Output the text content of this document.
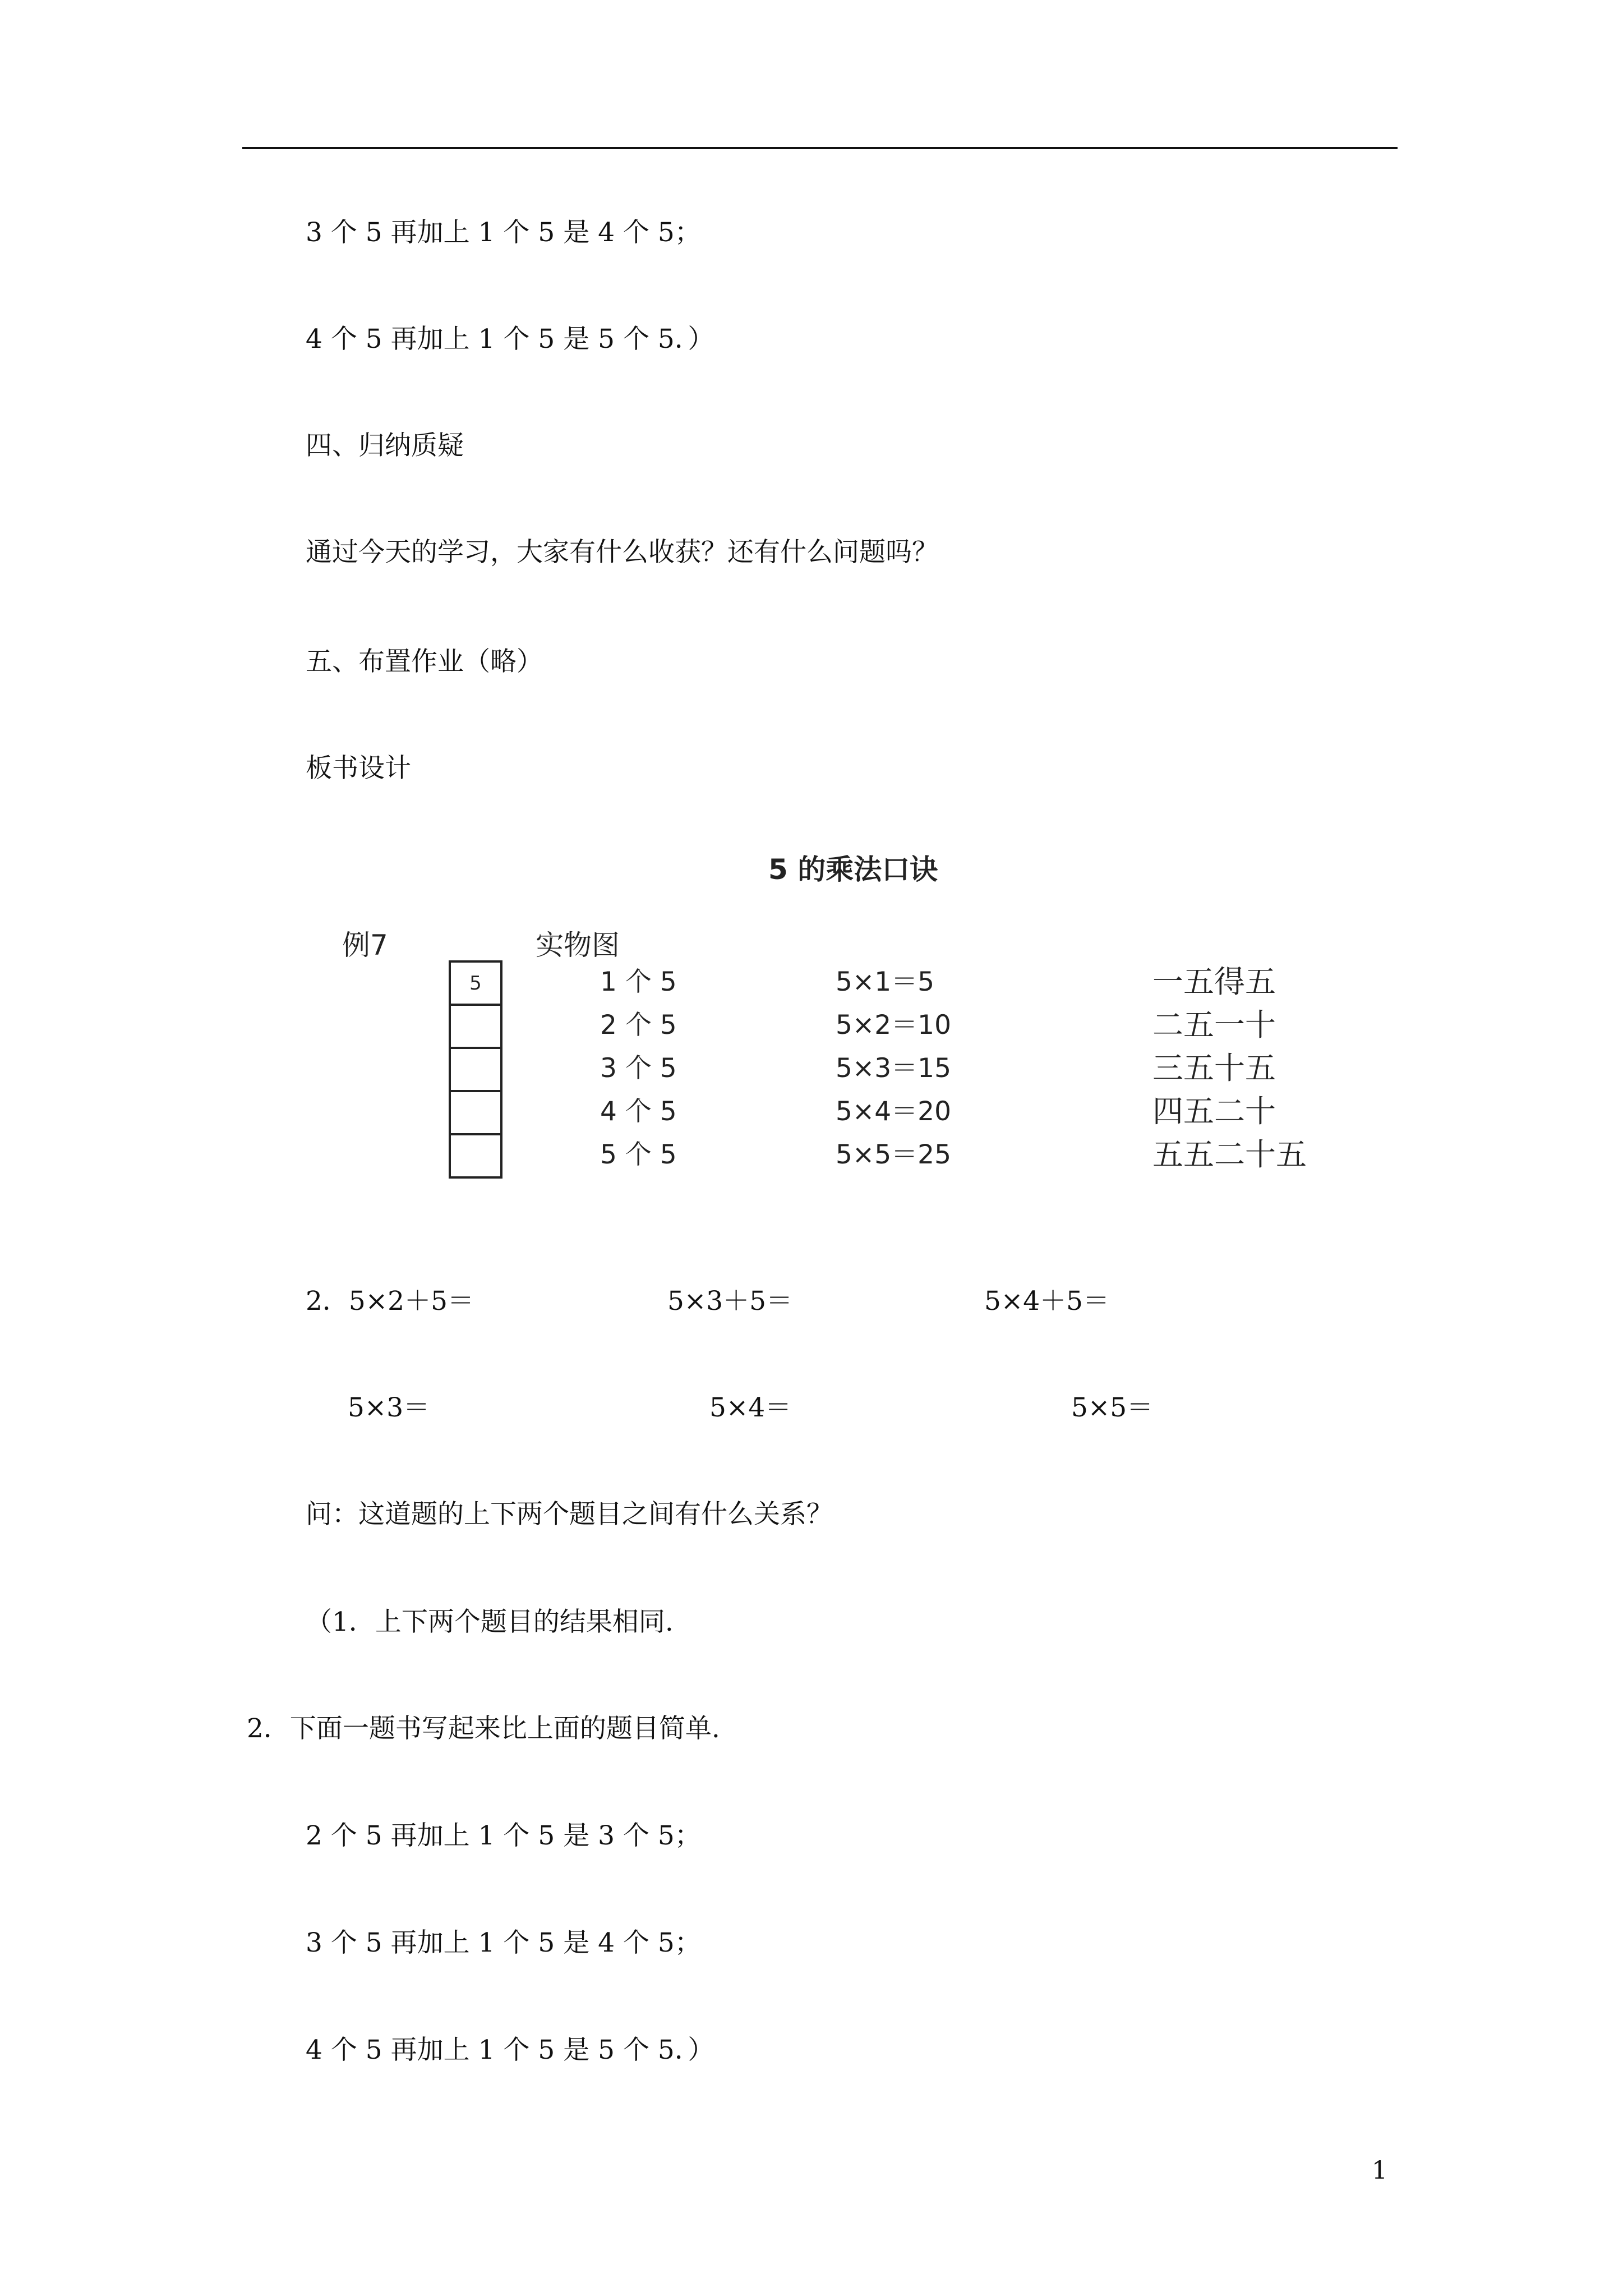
3 个 5 再加上 1 个 5 是 4 个 5；
4 个 5 再加上 1 个 5 是 5 个 5．）
四、归纳质疑
通过今天的学习，大家有什么收获？还有什么问题吗？
五、布置作业（略）
板书设计
5 的乘法口诀
例7	实物图
5	1 个 5	5×1＝5	一五得五
2 个 5	5×2＝10	二五一十
3 个 5	5×3＝15	三五十五
4 个 5	5×4＝20	四五二十
5 个 5	5×5＝25	五五二十五
2．5×2＋5＝	5×3＋5＝	5×4＋5＝
5×3＝	5×4＝	5×5＝
问：这道题的上下两个题目之间有什么关系？
（1．上下两个题目的结果相同.
2．下面一题书写起来比上面的题目简单.
2 个 5 再加上 1 个 5 是 3 个 5；
3 个 5 再加上 1 个 5 是 4 个 5；
4 个 5 再加上 1 个 5 是 5 个 5．）
1
